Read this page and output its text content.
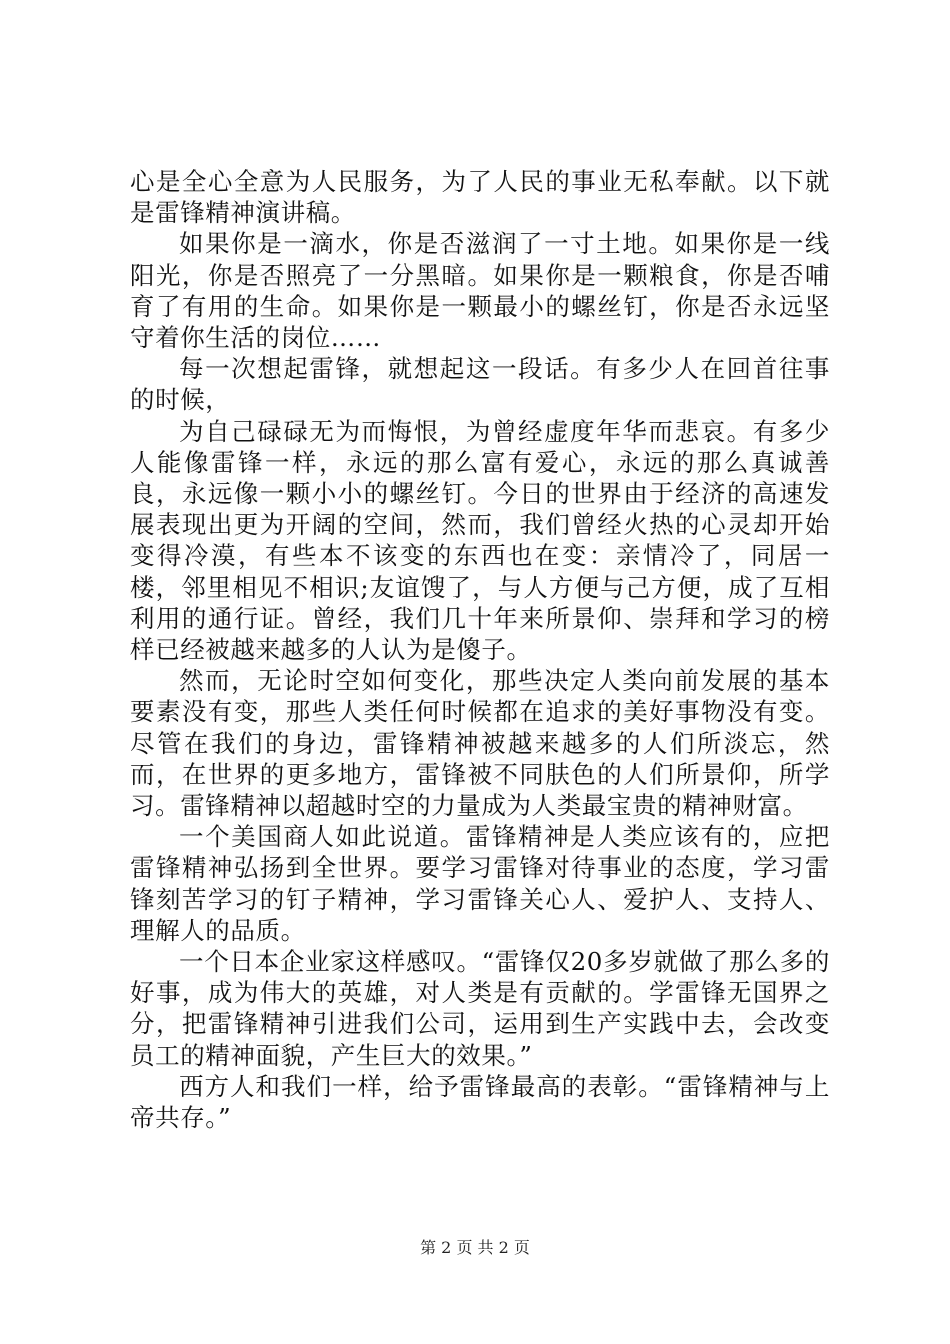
心是全心全意为人民服务，为了人民的事业无私奉献。以下就是雷锋精神演讲稿。

如果你是一滴水，你是否滋润了一寸土地。如果你是一线阳光，你是否照亮了一分黑暗。如果你是一颗粮食，你是否哺育了有用的生命。如果你是一颗最小的螺丝钉，你是否永远坚守着你生活的岗位……

每一次想起雷锋，就想起这一段话。有多少人在回首往事的时候，

为自己碌碌无为而悔恨，为曾经虚度年华而悲哀。有多少人能像雷锋一样，永远的那么富有爱心，永远的那么真诚善良，永远像一颗小小的螺丝钉。今日的世界由于经济的高速发展表现出更为开阔的空间，然而，我们曾经火热的心灵却开始变得冷漠，有些本不该变的东西也在变：亲情冷了，同居一楼，邻里相见不相识;友谊馊了，与人方便与己方便，成了互相利用的通行证。曾经，我们几十年来所景仰、崇拜和学习的榜样已经被越来越多的人认为是傻子。

然而，无论时空如何变化，那些决定人类向前发展的基本要素没有变，那些人类任何时候都在追求的美好事物没有变。尽管在我们的身边，雷锋精神被越来越多的人们所淡忘，然而，在世界的更多地方，雷锋被不同肤色的人们所景仰，所学习。雷锋精神以超越时空的力量成为人类最宝贵的精神财富。

一个美国商人如此说道。雷锋精神是人类应该有的，应把雷锋精神弘扬到全世界。要学习雷锋对待事业的态度，学习雷锋刻苦学习的钉子精神，学习雷锋关心人、爱护人、支持人、理解人的品质。

一个日本企业家这样感叹。“雷锋仅20多岁就做了那么多的好事，成为伟大的英雄，对人类是有贡献的。学雷锋无国界之分，把雷锋精神引进我们公司，运用到生产实践中去，会改变员工的精神面貌，产生巨大的效果。”

西方人和我们一样，给予雷锋最高的表彰。“雷锋精神与上帝共存。”

第 2 页 共 2 页
